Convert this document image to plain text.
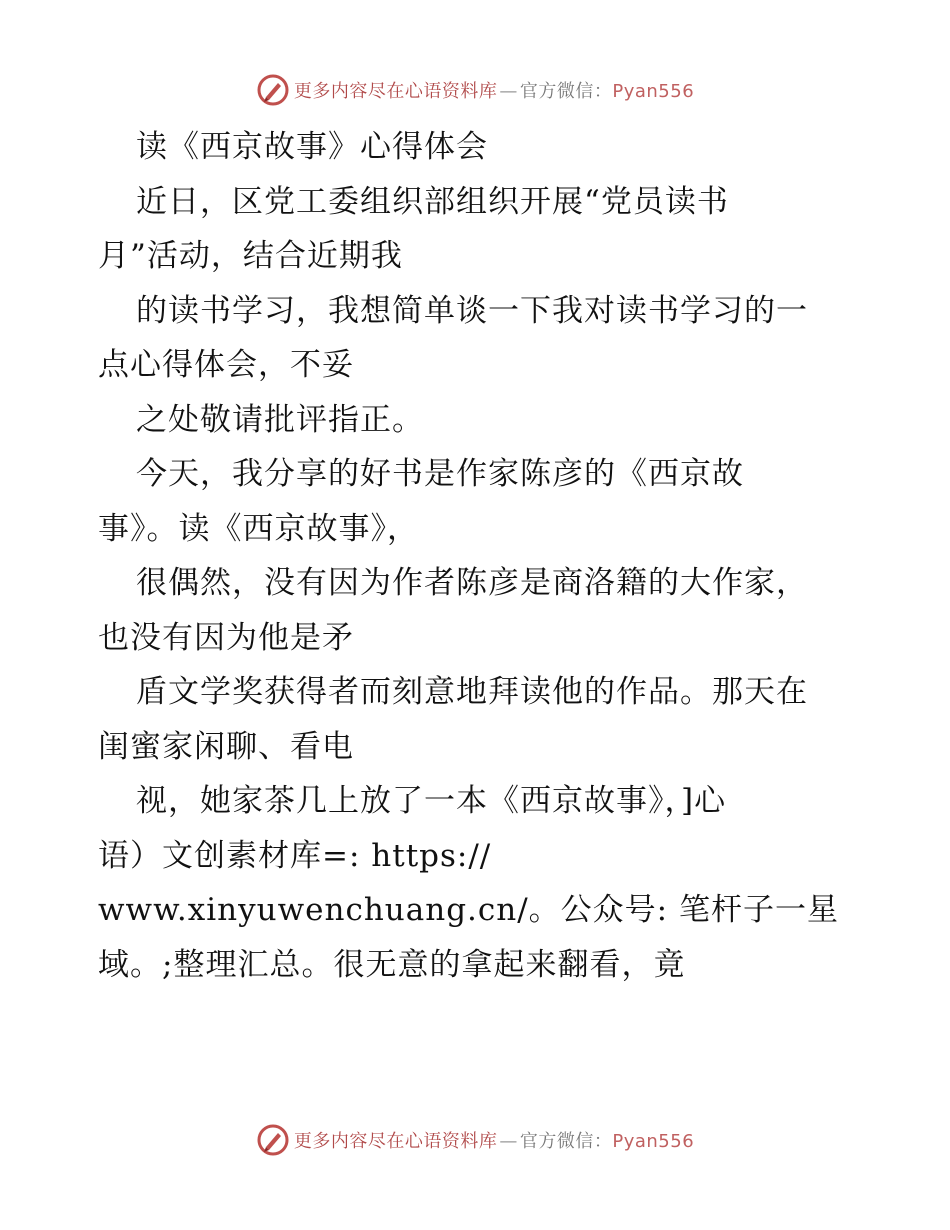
更多内容尽在心语资料库 — 官方微信：Pyan556
读《西京故事》心得体会
近日，区党工委组织部组织开展“党员读书
月”活动，结合近期我
的读书学习，我想简单谈一下我对读书学习的一
点心得体会，不妥
之处敬请批评指正。
今天，我分享的好书是作家陈彦的《西京故
事》。读《西京故事》，
很偶然，没有因为作者陈彦是商洛籍的大作家，
也没有因为他是矛
盾文学奖获得者而刻意地拜读他的作品。那天在
闺蜜家闲聊、看电
视，她家茶几上放了一本《西京故事》，]心
语）文创素材库=: https://
www.xinyuwenchuang.cn/。公众号: 笔杆子一星
域。;整理汇总。很无意的拿起来翻看，竟
更多内容尽在心语资料库 — 官方微信：Pyan556
